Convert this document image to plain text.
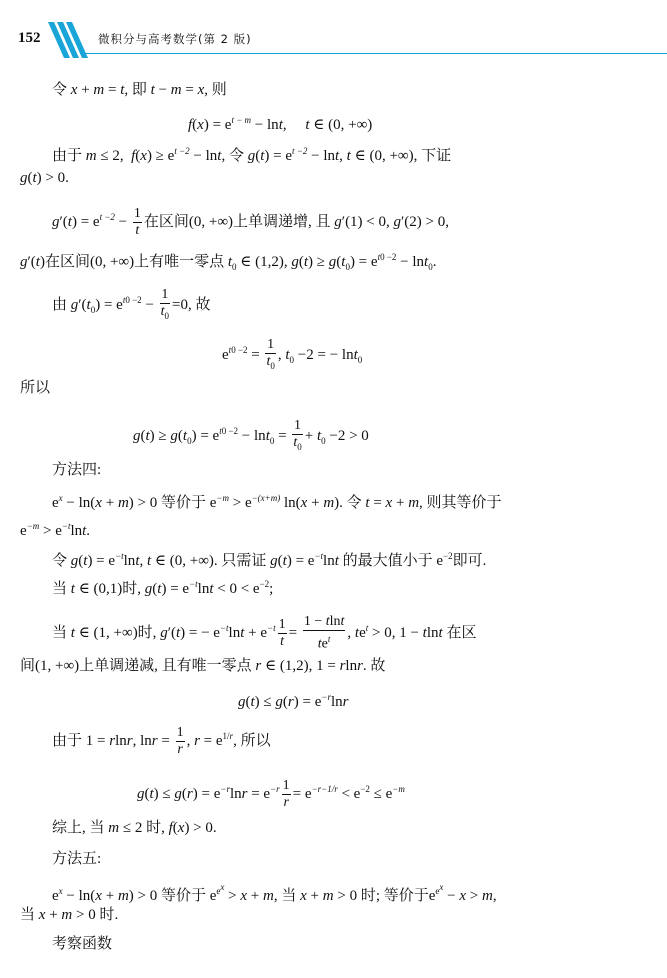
152	微积分与高考数学(第 2 版)
令 x + m = t, 即 t − m = x, 则
$f(x) = e^{t - m} - \ln t$,     t ∈ (0, +∞)
由于 m ≤ 2,  $f(x) \ge e^{t -2} - \ln t$, 令 $g(t) = e^{t -2} - \ln t$, t ∈ (0, +∞), 下证
g(t) > 0.
$g'(t) = e^{t -2} - \frac{1}{t}$ 在区间(0, +∞)上单调递增, 且 g′(1) < 0, g′(2) > 0,
g′(t)在区间(0, +∞)上有唯一零点 $t_0$ ∈ (1,2), $g(t) \ge g(t_0) = e^{t0 -2} - \ln t_0$.
由 $g'(t_0) = e^{t0 -2} - \frac{1}{t_0} =0$, 故
$e^{t0 -2} = \frac{1}{t_0}$ , $t_0 -2$ = − lnt$_0$
所以
$g(t) \ge g(t_0) = e^{t0 -2} - \ln t_0 = \frac{1}{t_0} + t_0 -2 > 0$
方法四:
$e^x - \ln(x + m) > 0$ 等价于 $e^{-m} > e^{-(x+m)}$ ln(x + m). 令 t = x + m, 则其等价于
$e^{-m} > e^{-t}\ln t$.
令 $g(t) = e^{-t}\ln t$, t ∈ (0, +∞). 只需证 $g(t) = e^{-t}\ln t$ 的最大值小于 $e^{-2}$即可.
当 t ∈ (0,1)时, $g(t) = e^{-t}\ln t < 0 < e^{-2}$;
当 t ∈ (1, +∞)时, g′(t) = − $e^{-t}\ln t + e^{-t} \frac{1}{t}$ =
1 − tlnt
$te^t$	, $te^t > 0$, 1 − tlnt 在区
间(1, +∞)上单调递减, 且有唯一零点 r ∈ (1,2), 1 = rlnr. 故
$g(t) \le g(r) = e^{-r}\ln r$
由于 1 = rlnr, $\ln r = \frac{1}{r}$ , $r = e^{1/r}$, 所以
$g(t) \le g(r) = e^{-r}\ln r = e^{-r} \frac{1}{r} = e^{-r-1/r} < e^{-2} \le e^{-m}$
综上, 当 m ≤ 2 时, f(x) > 0.
方法五:
$e^x - \ln(x + m) > 0$ 等价于 $e^{e^x} > x + m$, 当 x + m > 0 时; 等价于$e^{e^x} - x > m$,
当 x + m > 0 时.
考察函数
